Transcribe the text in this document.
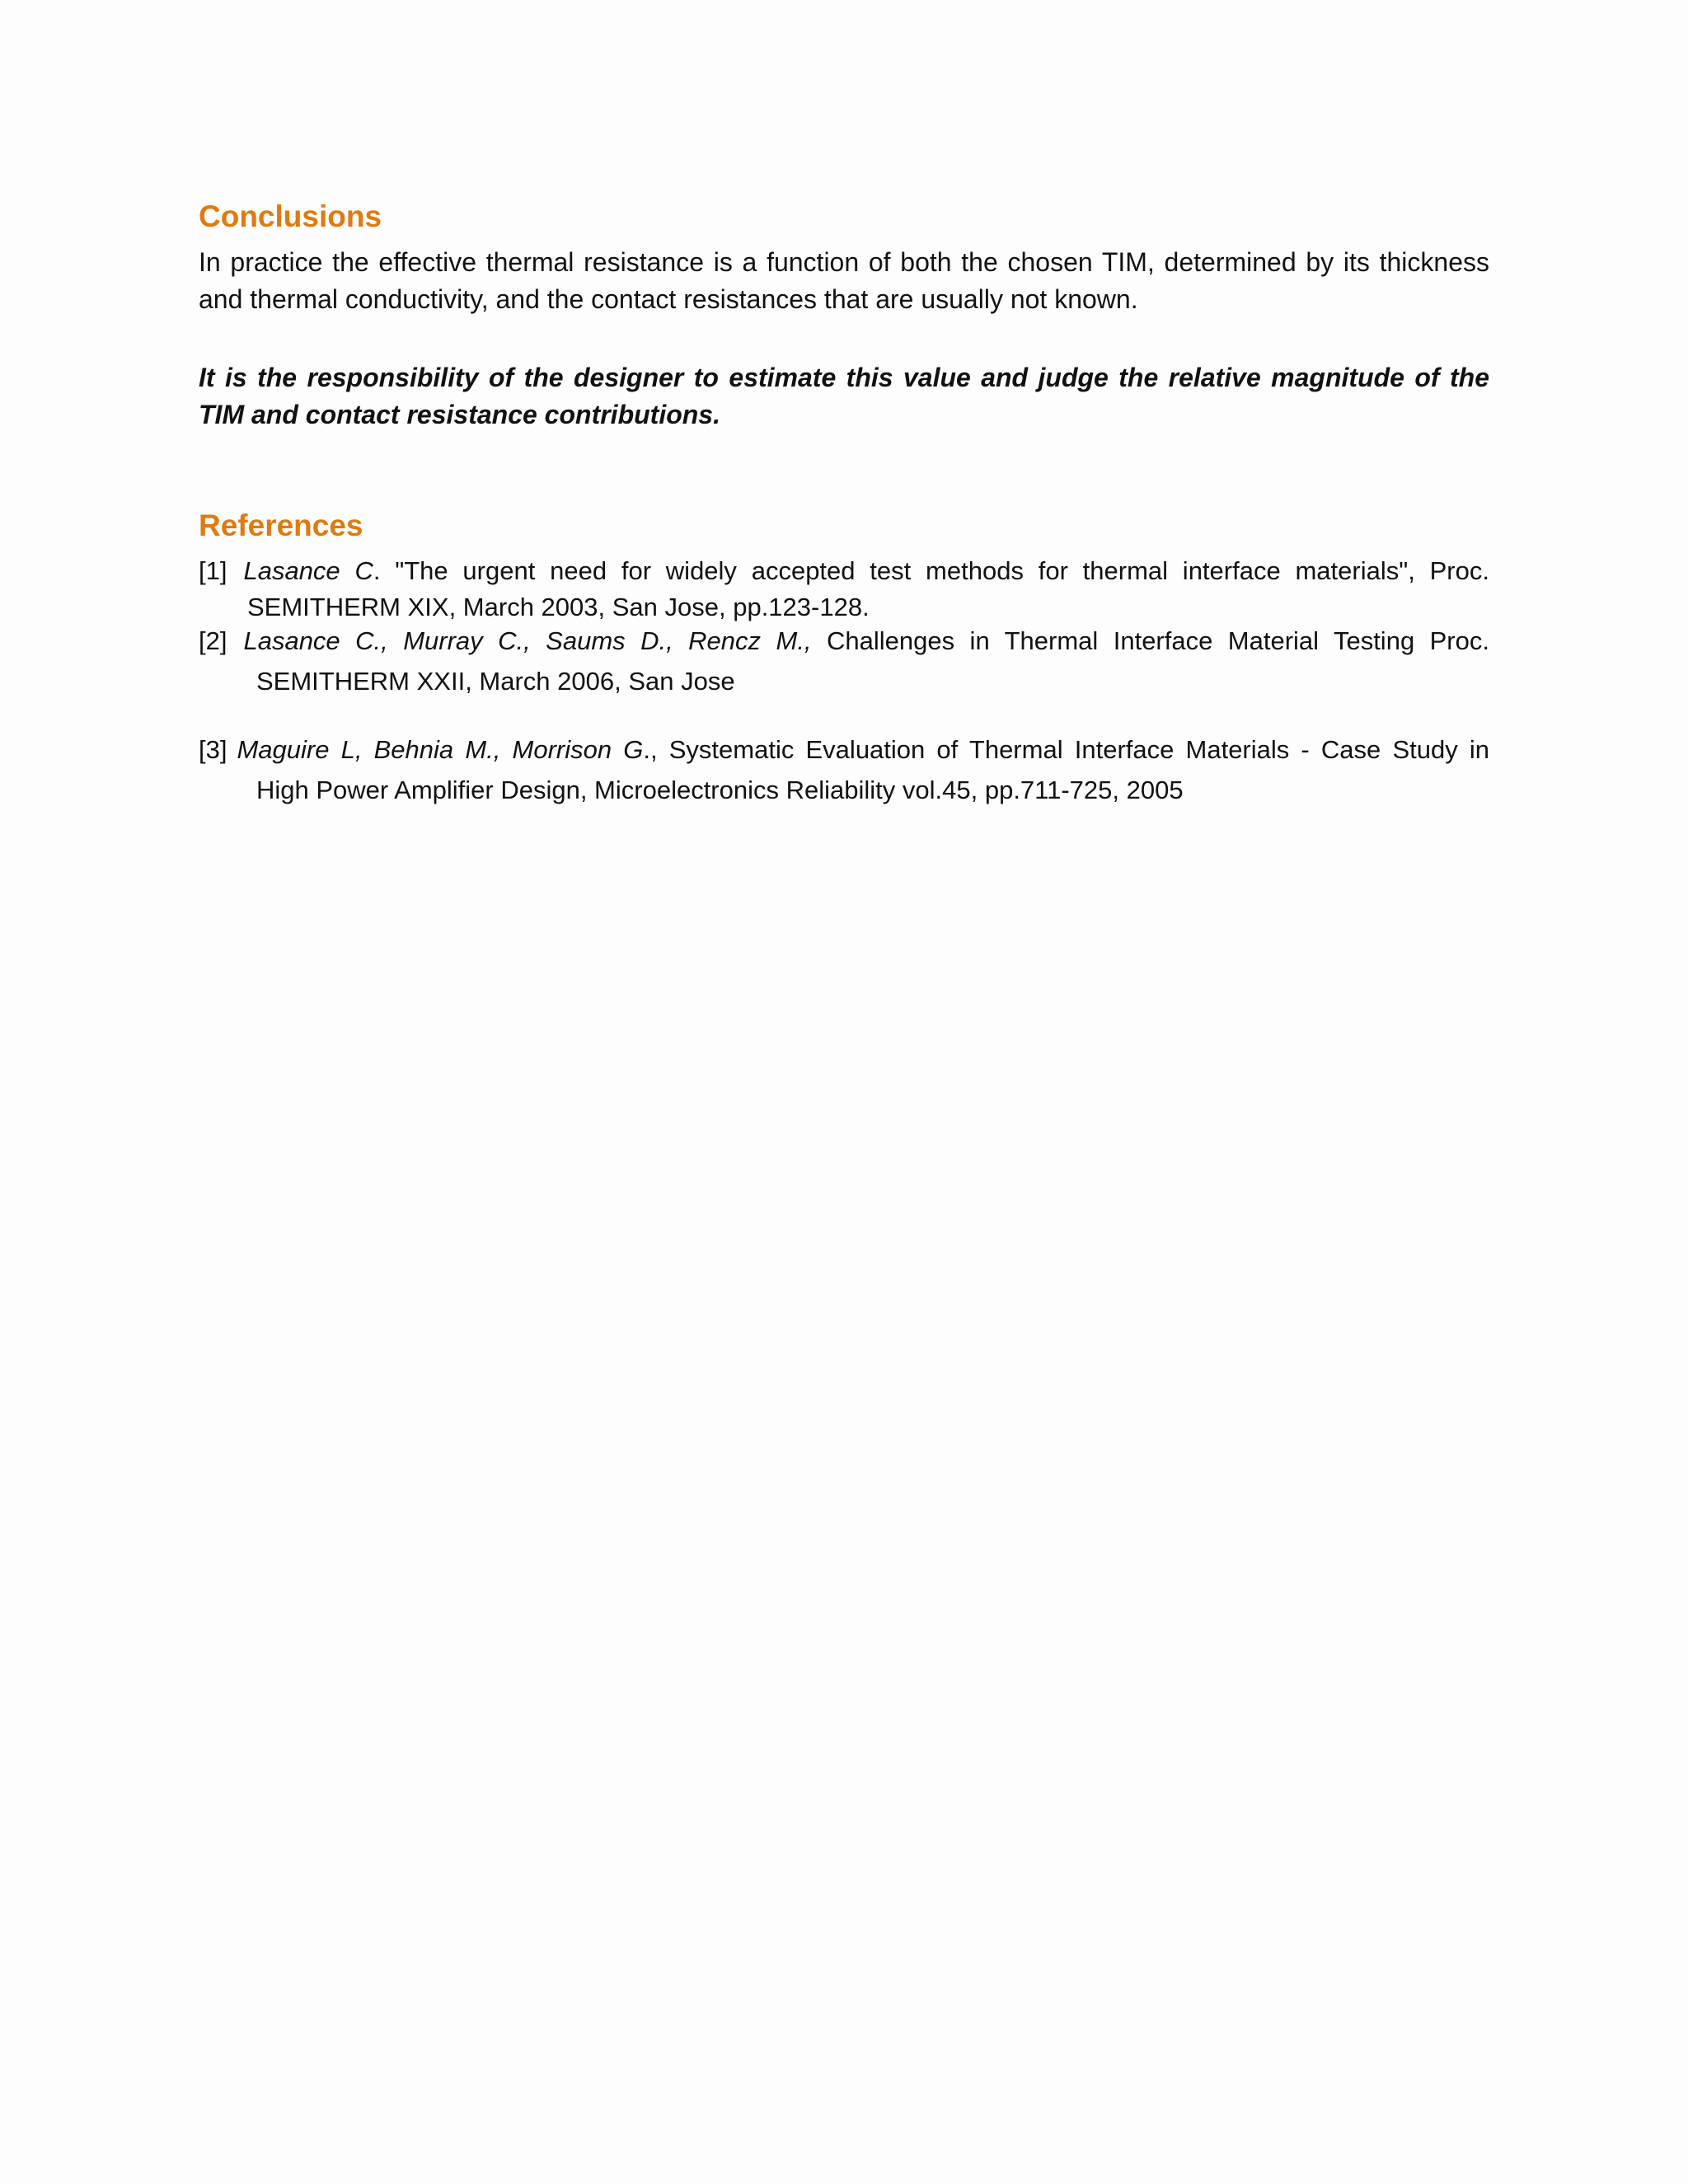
Conclusions
In practice the effective thermal resistance is a function of both the chosen TIM, determined by its thickness and thermal conductivity, and the contact resistances that are usually not known.
It is the responsibility of the designer to estimate this value and judge the relative magnitude of the TIM and contact resistance contributions.
References
[1] Lasance C. "The urgent need for widely accepted test methods for thermal interface materials", Proc.
SEMITHERM XIX, March 2003, San Jose, pp.123-128.
[2] Lasance C., Murray C., Saums D., Rencz M., Challenges in Thermal Interface Material Testing Proc.
SEMITHERM XXII, March 2006, San Jose
[3] Maguire L, Behnia M., Morrison G., Systematic Evaluation of Thermal Interface Materials - Case Study in
High Power Amplifier Design, Microelectronics Reliability vol.45, pp.711-725, 2005
